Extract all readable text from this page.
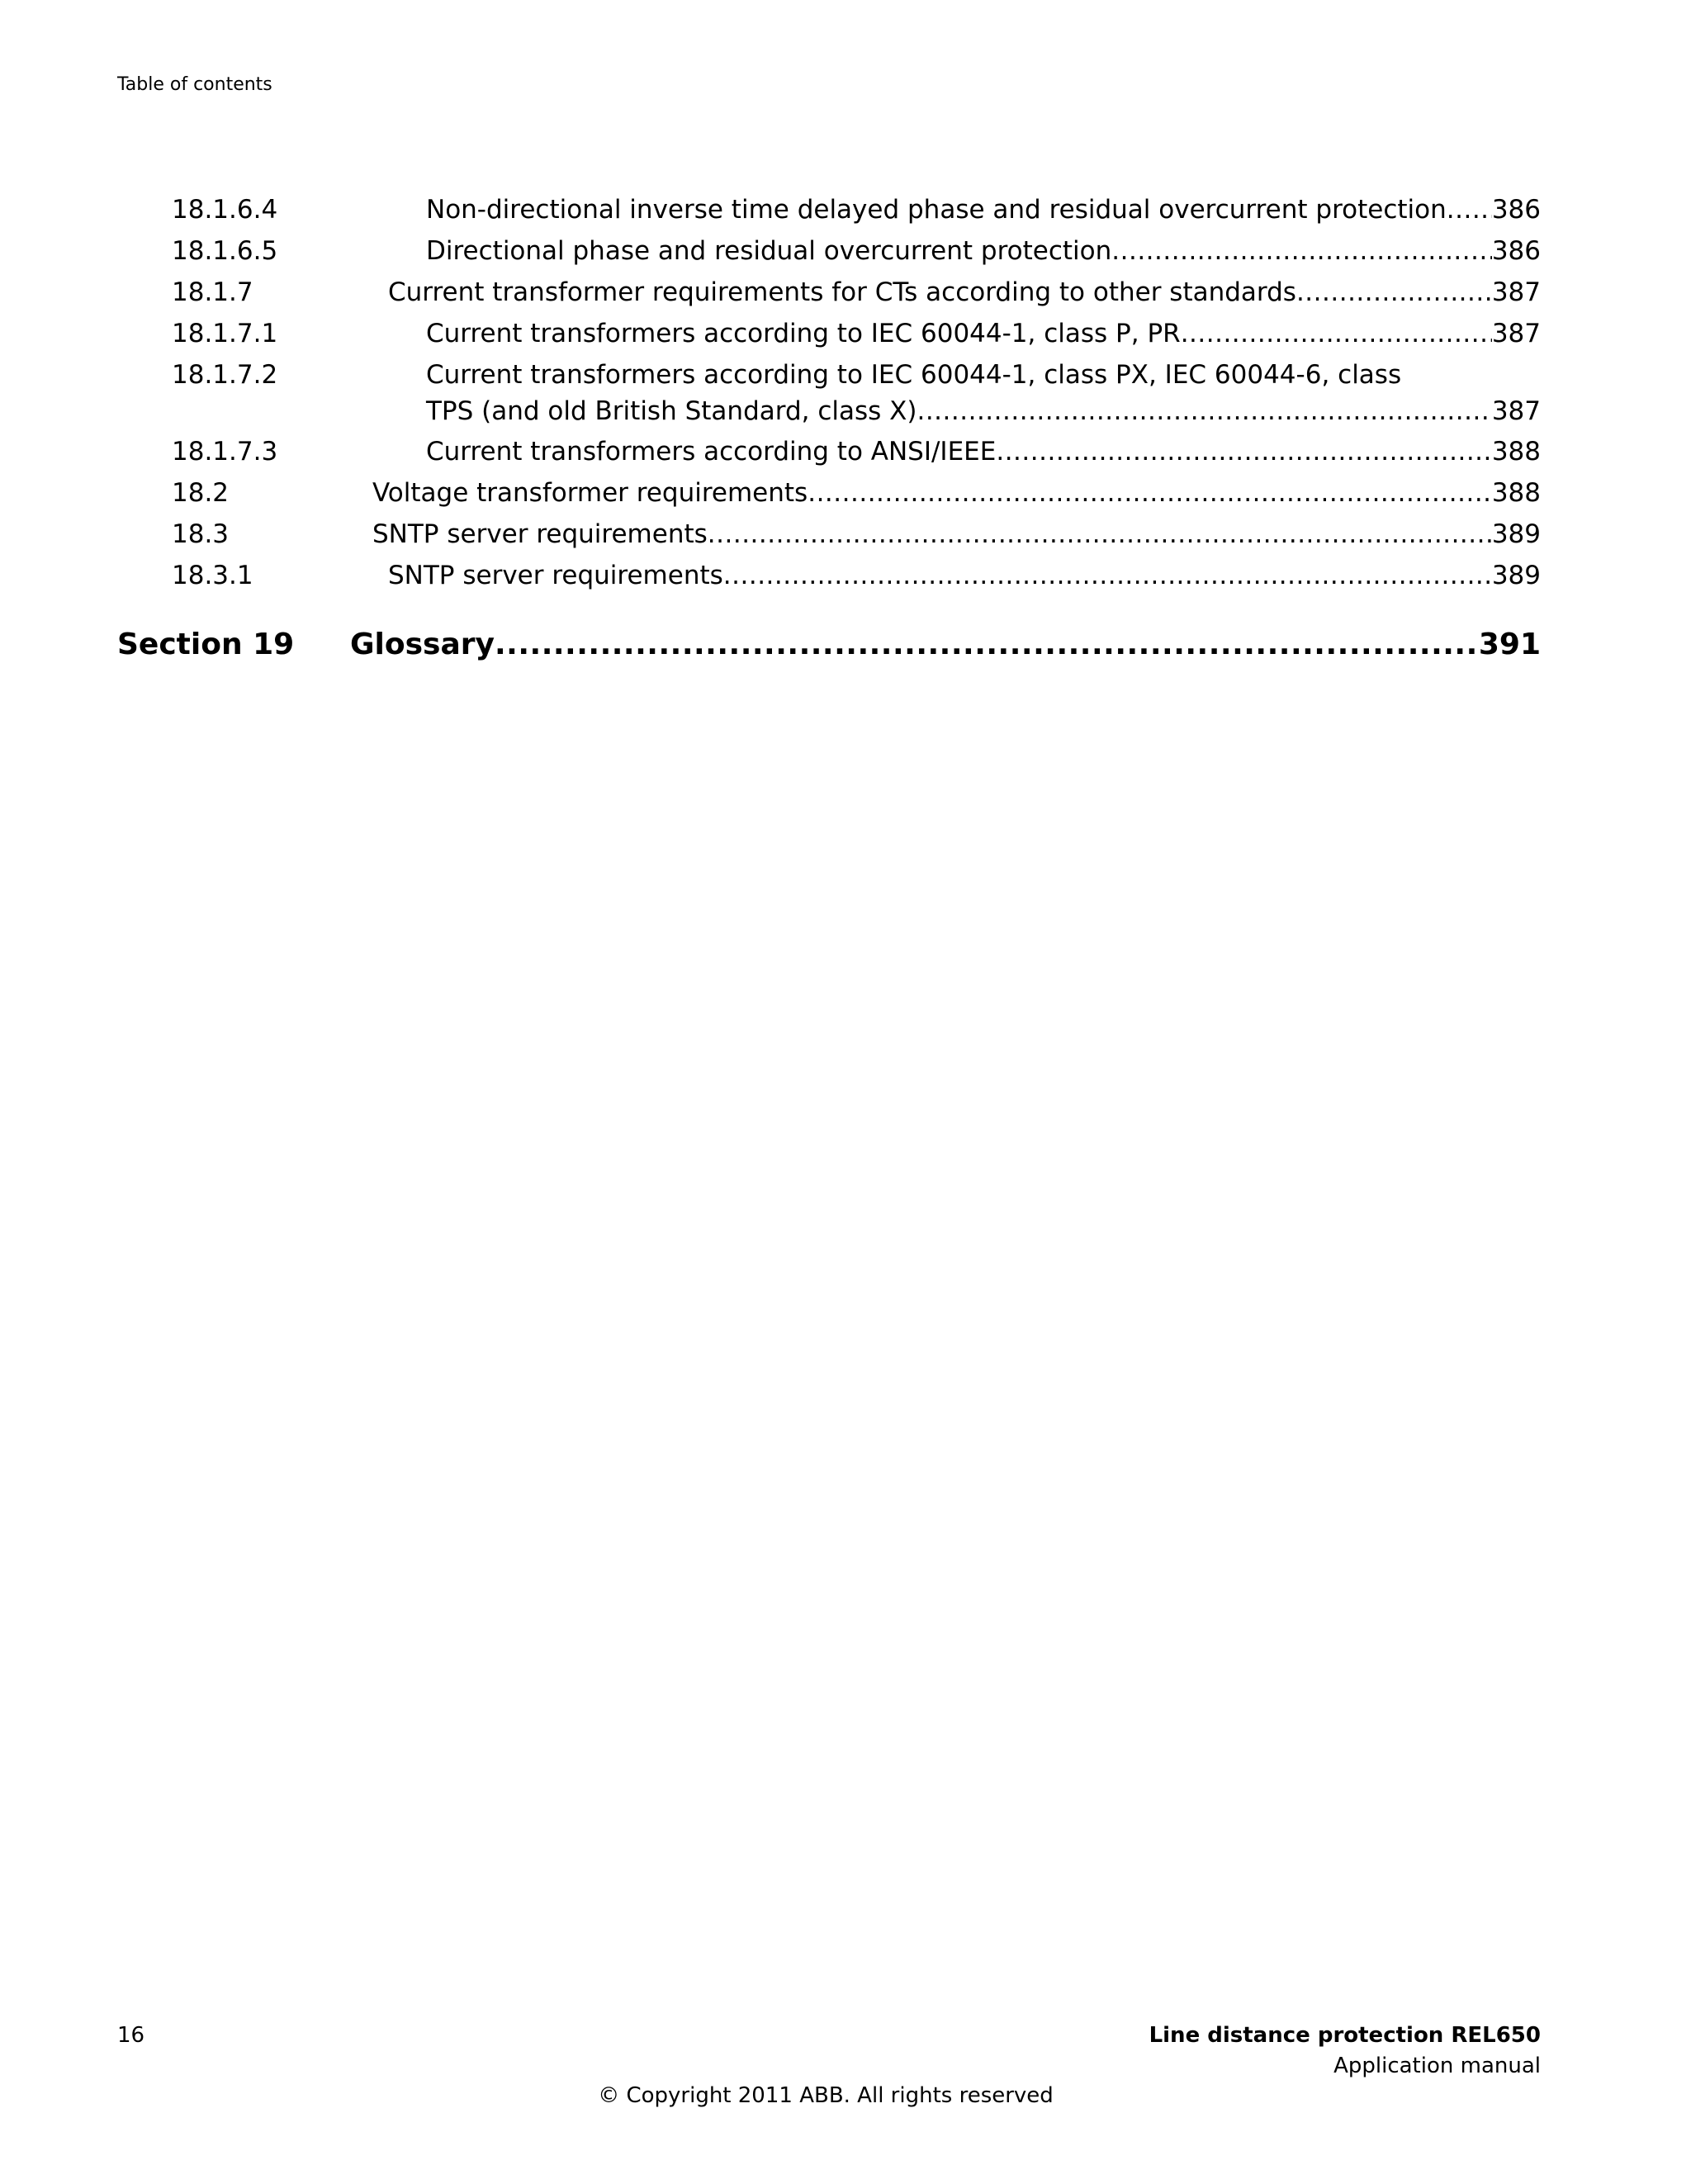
Table of contents
18.1.6.4	Non-directional inverse time delayed phase and residual overcurrent protection ..... 386
18.1.6.5	Directional phase and residual overcurrent protection .....	386
18.1.7	Current transformer requirements for CTs according to other standards .....	387
18.1.7.1	Current transformers according to IEC 60044-1, class P, PR .....	387
18.1.7.2	Current transformers according to IEC 60044-1, class PX, IEC 60044-6, class
TPS (and old British Standard, class X) .....	387
18.1.7.3	Current transformers according to ANSI/IEEE .....	388
18.2	Voltage transformer requirements .....	388
18.3	SNTP server requirements .....	389
18.3.1	SNTP server requirements .....	389
Section 19 Glossary .....	391
16	Line distance protection REL650
Application manual
© Copyright 2011 ABB. All rights reserved
